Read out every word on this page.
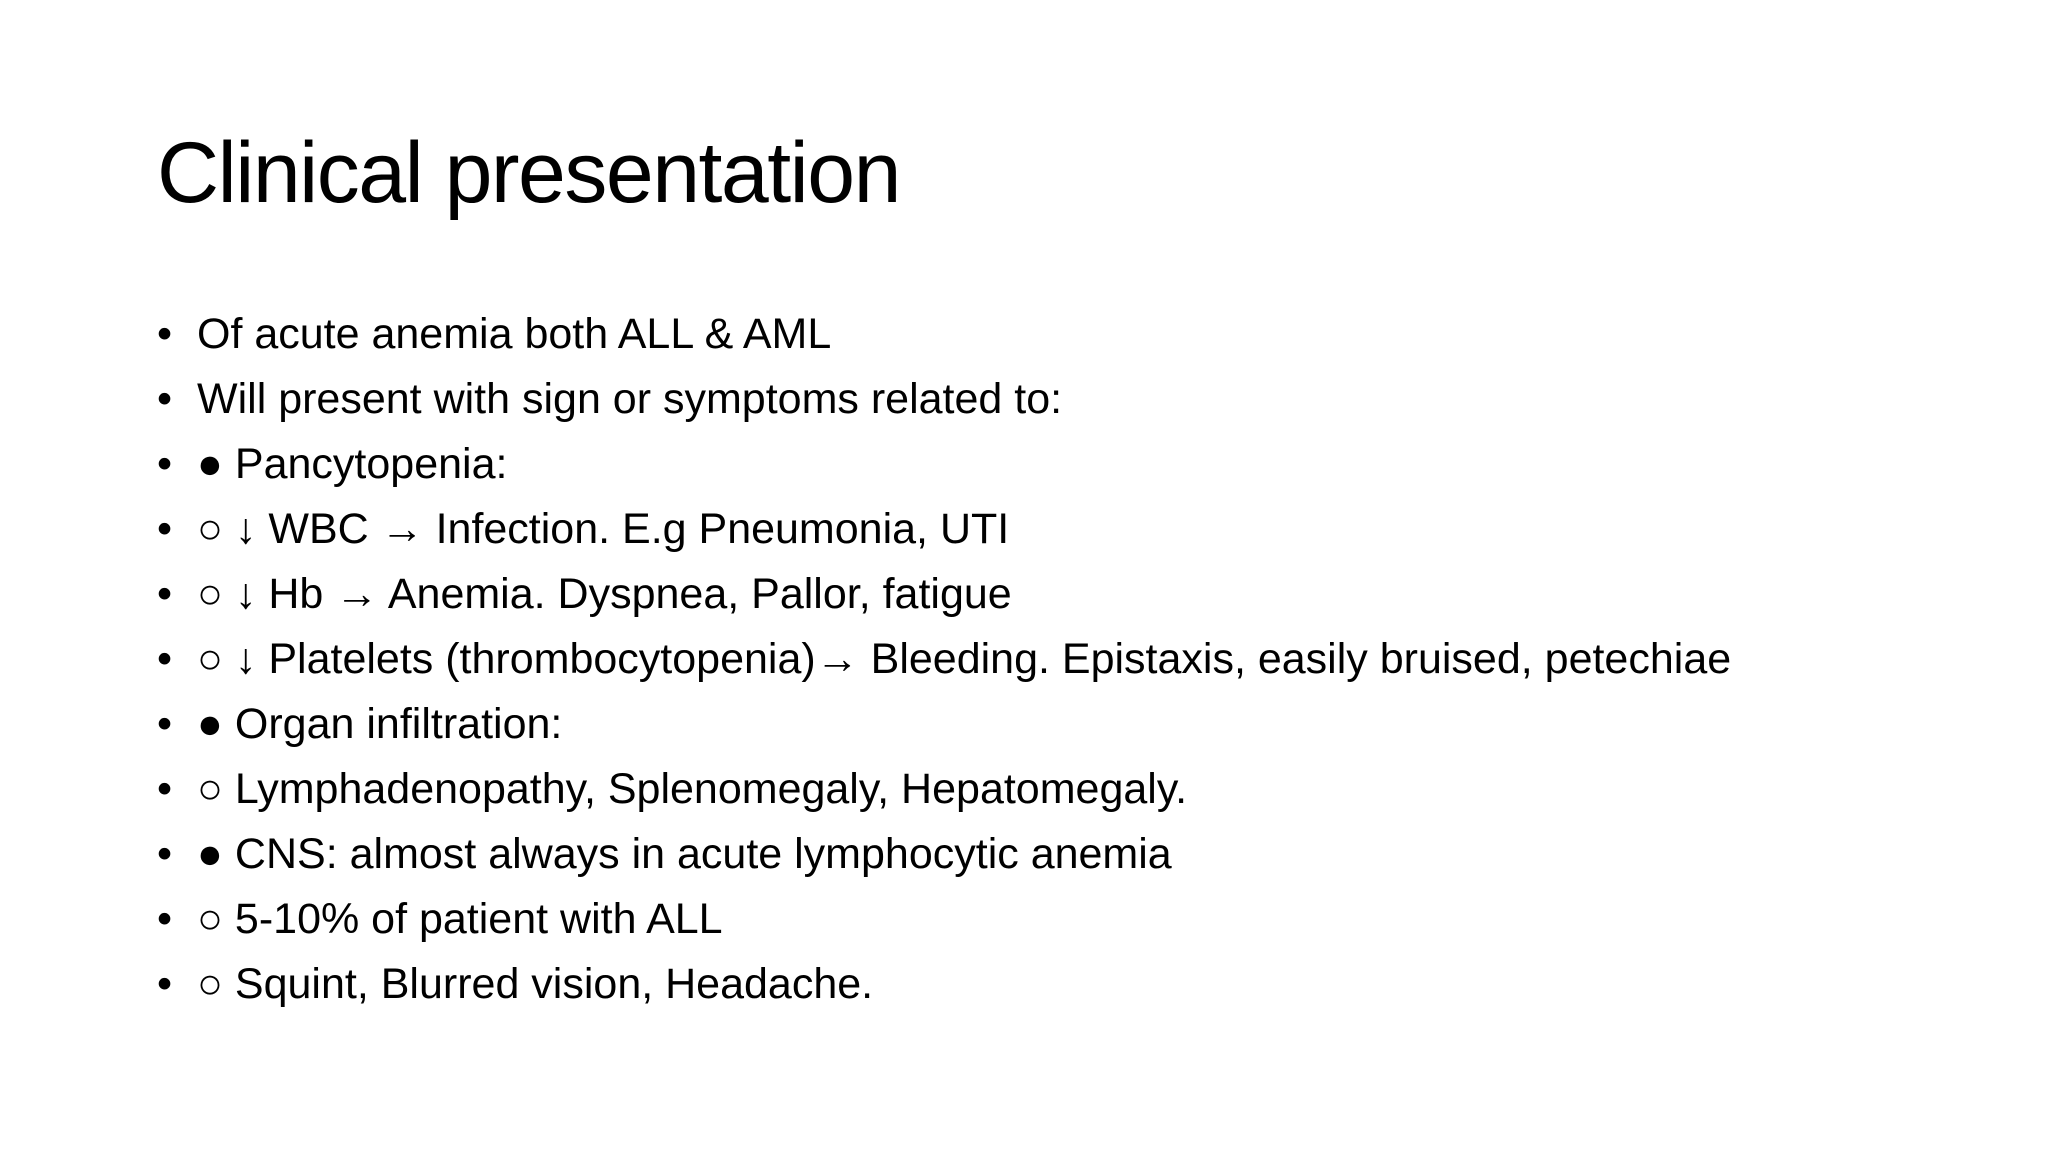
Clinical presentation
• Of acute anemia both ALL & AML
• Will present with sign or symptoms related to:
• ● Pancytopenia:
• ○ ↓ WBC → Infection. E.g Pneumonia, UTI
• ○ ↓ Hb → Anemia. Dyspnea, Pallor, fatigue
• ○ ↓ Platelets (thrombocytopenia)→ Bleeding. Epistaxis, easily bruised, petechiae
• ● Organ infiltration:
• ○ Lymphadenopathy, Splenomegaly, Hepatomegaly.
• ● CNS: almost always in acute lymphocytic anemia
• ○ 5-10% of patient with ALL
• ○ Squint, Blurred vision, Headache.
